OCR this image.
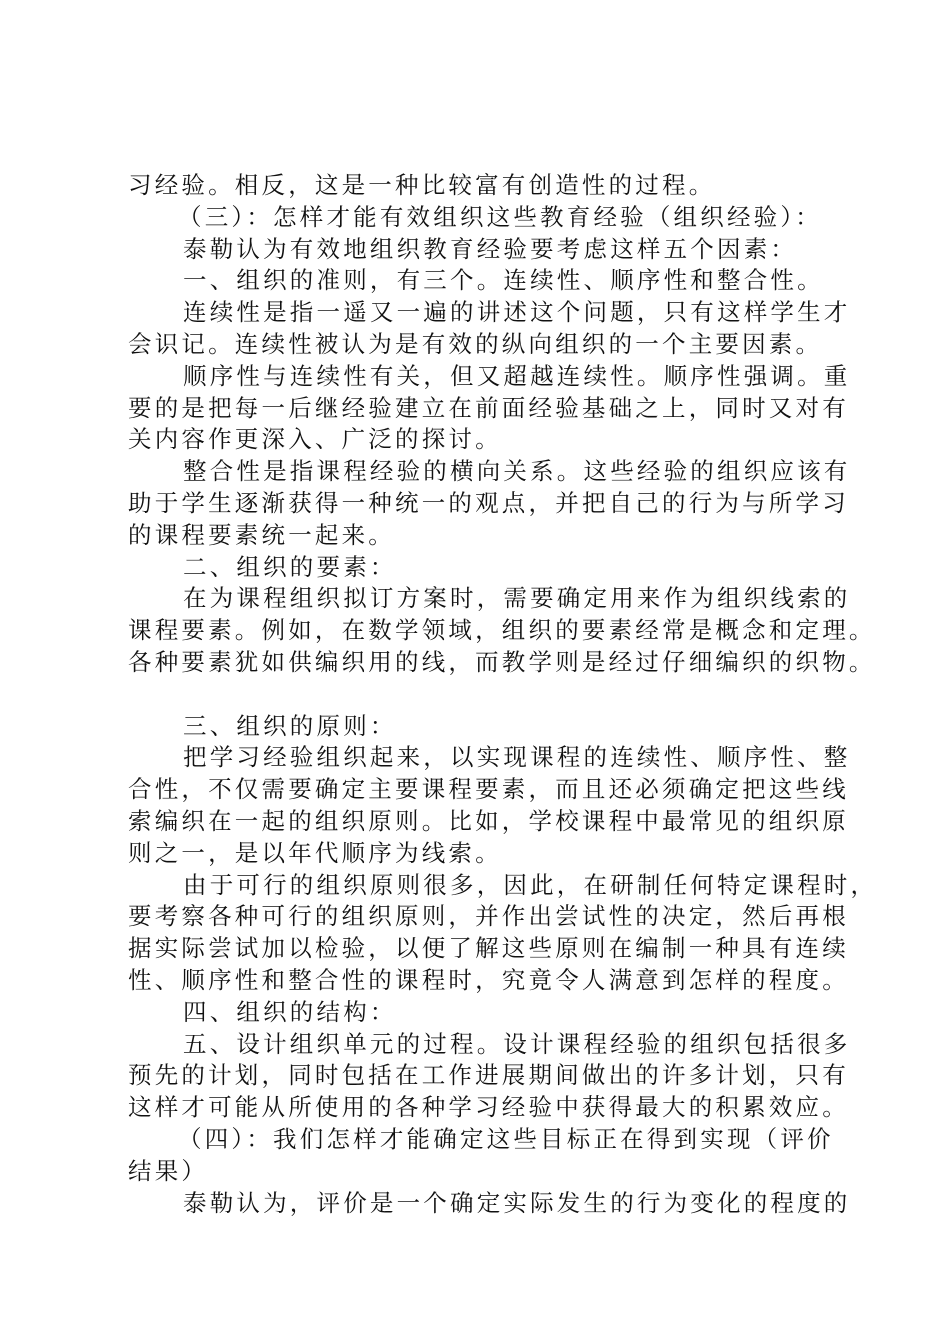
习经验。相反，这是一种比较富有创造性的过程。
（三）：怎样才能有效组织这些教育经验（组织经验）：
泰勒认为有效地组织教育经验要考虑这样五个因素：
一、组织的准则，有三个。连续性、顺序性和整合性。
连续性是指一遥又一遍的讲述这个问题，只有这样学生才
会识记。连续性被认为是有效的纵向组织的一个主要因素。
顺序性与连续性有关，但又超越连续性。顺序性强调。重
要的是把每一后继经验建立在前面经验基础之上，同时又对有
关内容作更深入、广泛的探讨。
整合性是指课程经验的横向关系。这些经验的组织应该有
助于学生逐渐获得一种统一的观点，并把自己的行为与所学习
的课程要素统一起来。
二、组织的要素：
在为课程组织拟订方案时，需要确定用来作为组织线索的
课程要素。例如，在数学领域，组织的要素经常是概念和定理。
各种要素犹如供编织用的线，而教学则是经过仔细编织的织物。
三、组织的原则：
把学习经验组织起来，以实现课程的连续性、顺序性、整
合性，不仅需要确定主要课程要素，而且还必须确定把这些线
索编织在一起的组织原则。比如，学校课程中最常见的组织原
则之一，是以年代顺序为线索。
由于可行的组织原则很多，因此，在研制任何特定课程时，
要考察各种可行的组织原则，并作出尝试性的决定，然后再根
据实际尝试加以检验，以便了解这些原则在编制一种具有连续
性、顺序性和整合性的课程时，究竟令人满意到怎样的程度。
四、组织的结构：
五、设计组织单元的过程。设计课程经验的组织包括很多
预先的计划，同时包括在工作进展期间做出的许多计划，只有
这样才可能从所使用的各种学习经验中获得最大的积累效应。
（四）：我们怎样才能确定这些目标正在得到实现（评价
结果）
泰勒认为，评价是一个确定实际发生的行为变化的程度的
